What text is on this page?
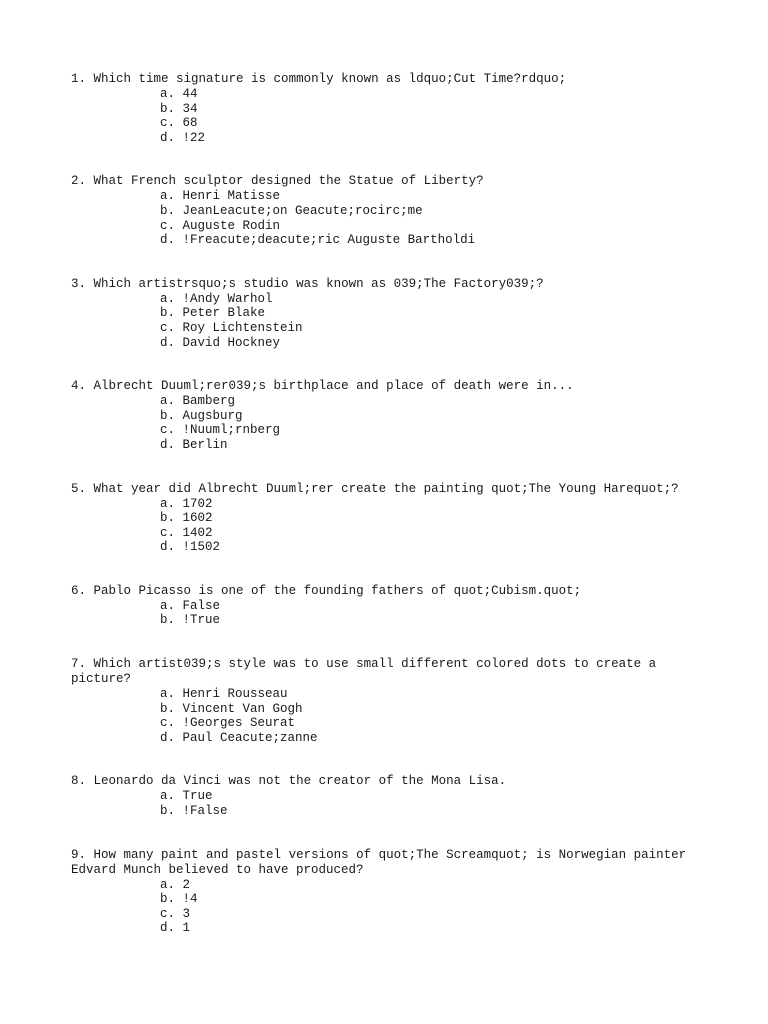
1. Which time signature is commonly known as ldquo;Cut Time?rdquo;
a. 44
b. 34
c. 68
d. !22
2. What French sculptor designed the Statue of Liberty?
a. Henri Matisse
b. JeanLeacute;on Geacute;rocirc;me
c. Auguste Rodin
d. !Freacute;deacute;ric Auguste Bartholdi
3. Which artistrsquo;s studio was known as 039;The Factory039;?
a. !Andy Warhol
b. Peter Blake
c. Roy Lichtenstein
d. David Hockney
4. Albrecht Duuml;rer039;s birthplace and place of death were in...
a. Bamberg
b. Augsburg
c. !Nuuml;rnberg
d. Berlin
5. What year did Albrecht Duuml;rer create the painting quot;The Young Harequot;?
a. 1702
b. 1602
c. 1402
d. !1502
6. Pablo Picasso is one of the founding fathers of quot;Cubism.quot;
a. False
b. !True
7. Which artist039;s style was to use small different colored dots to create a picture?
a. Henri Rousseau
b. Vincent Van Gogh
c. !Georges Seurat
d. Paul Ceacute;zanne
8. Leonardo da Vinci was not the creator of the Mona Lisa.
a. True
b. !False
9. How many paint and pastel versions of quot;The Screamquot; is Norwegian painter Edvard Munch believed to have produced?
a. 2
b. !4
c. 3
d. 1
